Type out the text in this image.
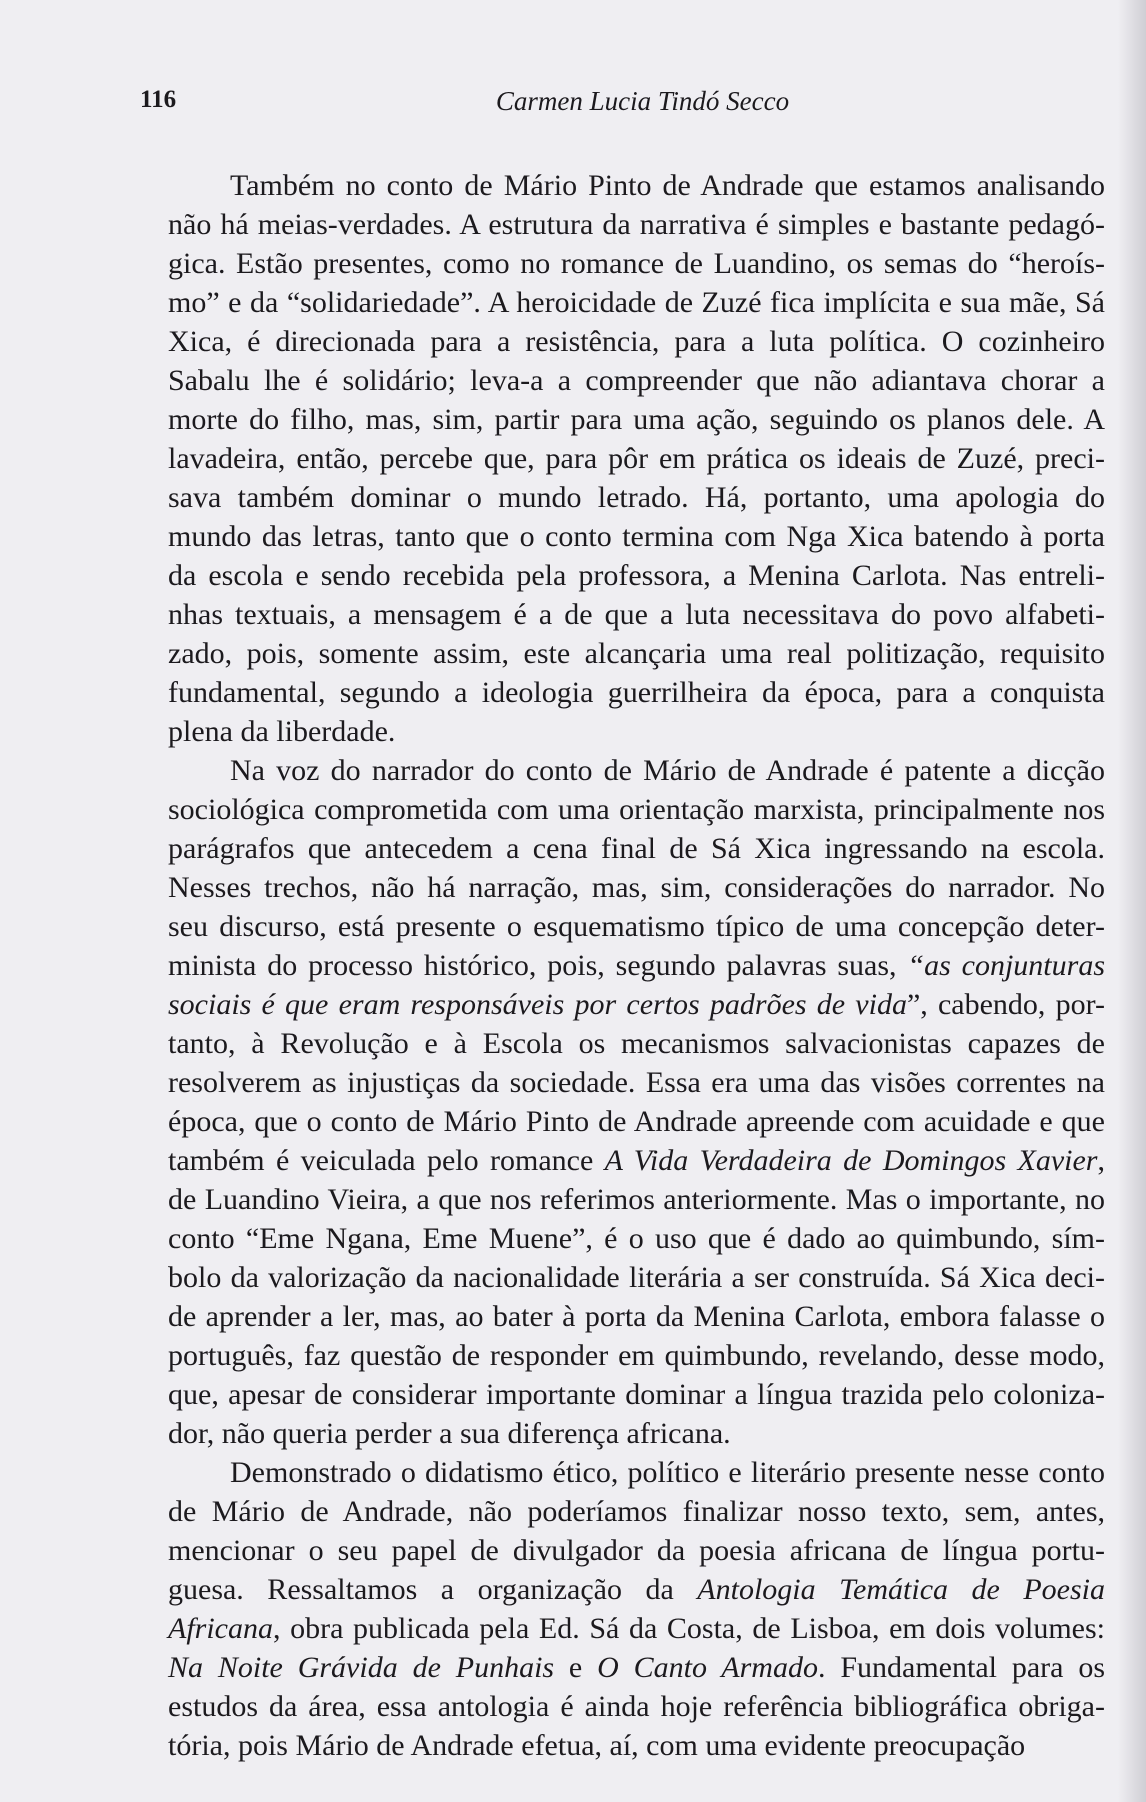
116	Carmen Lucia Tindó Secco
Também no conto de Mário Pinto de Andrade que estamos analisando
não há meias-verdades. A estrutura da narrativa é simples e bastante pedagó-
gica. Estão presentes, como no romance de Luandino, os semas do “heroís-
mo” e da “solidariedade”. A heroicidade de Zuzé fica implícita e sua mãe, Sá
Xica, é direcionada para a resistência, para a luta política. O cozinheiro
Sabalu lhe é solidário; leva-a a compreender que não adiantava chorar a
morte do filho, mas, sim, partir para uma ação, seguindo os planos dele. A
lavadeira, então, percebe que, para pôr em prática os ideais de Zuzé, preci-
sava também dominar o mundo letrado. Há, portanto, uma apologia do
mundo das letras, tanto que o conto termina com Nga Xica batendo à porta
da escola e sendo recebida pela professora, a Menina Carlota. Nas entreli-
nhas textuais, a mensagem é a de que a luta necessitava do povo alfabeti-
zado, pois, somente assim, este alcançaria uma real politização, requisito
fundamental, segundo a ideologia guerrilheira da época, para a conquista
plena da liberdade.
Na voz do narrador do conto de Mário de Andrade é patente a dicção
sociológica comprometida com uma orientação marxista, principalmente nos
parágrafos que antecedem a cena final de Sá Xica ingressando na escola.
Nesses trechos, não há narração, mas, sim, considerações do narrador. No
seu discurso, está presente o esquematismo típico de uma concepção deter-
minista do processo histórico, pois, segundo palavras suas, “as conjunturas
sociais é que eram responsáveis por certos padrões de vida”, cabendo, por-
tanto, à Revolução e à Escola os mecanismos salvacionistas capazes de
resolverem as injustiças da sociedade. Essa era uma das visões correntes na
época, que o conto de Mário Pinto de Andrade apreende com acuidade e que
também é veiculada pelo romance A Vida Verdadeira de Domingos Xavier,
de Luandino Vieira, a que nos referimos anteriormente. Mas o importante, no
conto “Eme Ngana, Eme Muene”, é o uso que é dado ao quimbundo, sím-
bolo da valorização da nacionalidade literária a ser construída. Sá Xica deci-
de aprender a ler, mas, ao bater à porta da Menina Carlota, embora falasse o
português, faz questão de responder em quimbundo, revelando, desse modo,
que, apesar de considerar importante dominar a língua trazida pelo coloniza-
dor, não queria perder a sua diferença africana.
Demonstrado o didatismo ético, político e literário presente nesse conto
de Mário de Andrade, não poderíamos finalizar nosso texto, sem, antes,
mencionar o seu papel de divulgador da poesia africana de língua portu-
guesa. Ressaltamos a organização da Antologia Temática de Poesia
Africana, obra publicada pela Ed. Sá da Costa, de Lisboa, em dois volumes:
Na Noite Grávida de Punhais e O Canto Armado. Fundamental para os
estudos da área, essa antologia é ainda hoje referência bibliográfica obriga-
tória, pois Mário de Andrade efetua, aí, com uma evidente preocupação
